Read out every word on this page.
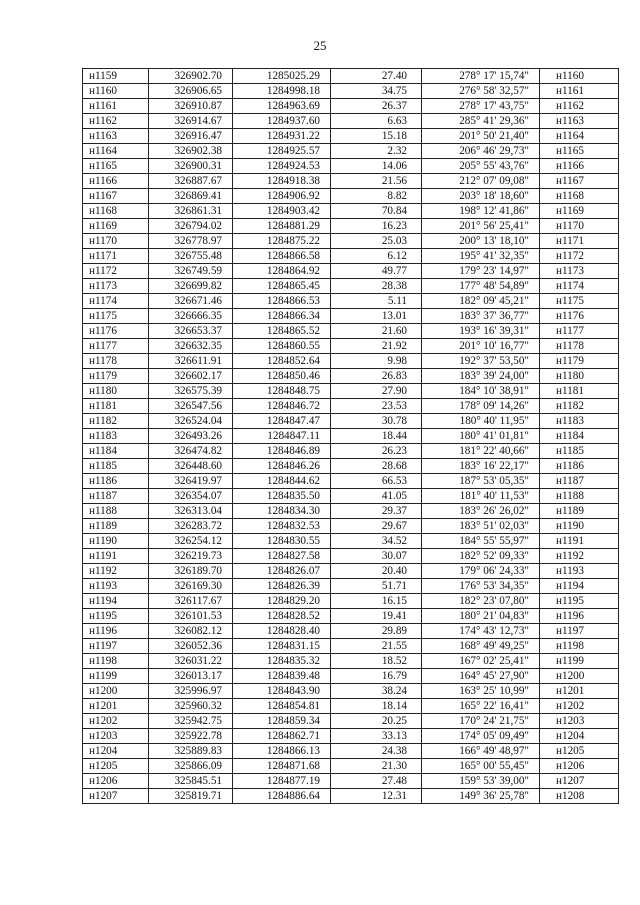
25
н1159	326902.70	1285025.29	27.40	278° 17' 15,74"	н1160
н1160	326906.65	1284998.18	34.75	276° 58' 32,57"	н1161
н1161	326910.87	1284963.69	26.37	278° 17' 43,75"	н1162
н1162	326914.67	1284937.60	6.63	285° 41' 29,36"	н1163
н1163	326916.47	1284931.22	15.18	201° 50' 21,40"	н1164
н1164	326902.38	1284925.57	2.32	206° 46' 29,73"	н1165
н1165	326900.31	1284924.53	14.06	205° 55' 43,76"	н1166
н1166	326887.67	1284918.38	21.56	212° 07' 09,08"	н1167
н1167	326869.41	1284906.92	8.82	203° 18' 18,60"	н1168
н1168	326861.31	1284903.42	70.84	198° 12' 41,86"	н1169
н1169	326794.02	1284881.29	16.23	201° 56' 25,41"	н1170
н1170	326778.97	1284875.22	25.03	200° 13' 18,10"	н1171
н1171	326755.48	1284866.58	6.12	195° 41' 32,35"	н1172
н1172	326749.59	1284864.92	49.77	179° 23' 14,97"	н1173
н1173	326699.82	1284865.45	28.38	177° 48' 54,89"	н1174
н1174	326671.46	1284866.53	5.11	182° 09' 45,21"	н1175
н1175	326666.35	1284866.34	13.01	183° 37' 36,77"	н1176
н1176	326653.37	1284865.52	21.60	193° 16' 39,31"	н1177
н1177	326632.35	1284860.55	21.92	201° 10' 16,77"	н1178
н1178	326611.91	1284852.64	9.98	192° 37' 53,50"	н1179
н1179	326602.17	1284850.46	26.83	183° 39' 24,00"	н1180
н1180	326575.39	1284848.75	27.90	184° 10' 38,91"	н1181
н1181	326547.56	1284846.72	23.53	178° 09' 14,26"	н1182
н1182	326524.04	1284847.47	30.78	180° 40' 11,95"	н1183
н1183	326493.26	1284847.11	18.44	180° 41' 01,81"	н1184
н1184	326474.82	1284846.89	26.23	181° 22' 40,66"	н1185
н1185	326448.60	1284846.26	28.68	183° 16' 22,17"	н1186
н1186	326419.97	1284844.62	66.53	187° 53' 05,35"	н1187
н1187	326354.07	1284835.50	41.05	181° 40' 11,53"	н1188
н1188	326313.04	1284834.30	29.37	183° 26' 26,02"	н1189
н1189	326283.72	1284832.53	29.67	183° 51' 02,03"	н1190
н1190	326254.12	1284830.55	34.52	184° 55' 55,97"	н1191
н1191	326219.73	1284827.58	30.07	182° 52' 09,33"	н1192
н1192	326189.70	1284826.07	20.40	179° 06' 24,33"	н1193
н1193	326169.30	1284826.39	51.71	176° 53' 34,35"	н1194
н1194	326117.67	1284829.20	16.15	182° 23' 07,80"	н1195
н1195	326101.53	1284828.52	19.41	180° 21' 04,83"	н1196
н1196	326082.12	1284828.40	29.89	174° 43' 12,73"	н1197
н1197	326052.36	1284831.15	21.55	168° 49' 49,25"	н1198
н1198	326031.22	1284835.32	18.52	167° 02' 25,41"	н1199
н1199	326013.17	1284839.48	16.79	164° 45' 27,90"	н1200
н1200	325996.97	1284843.90	38.24	163° 25' 10,99"	н1201
н1201	325960.32	1284854.81	18.14	165° 22' 16,41"	н1202
н1202	325942.75	1284859.34	20.25	170° 24' 21,75"	н1203
н1203	325922.78	1284862.71	33.13	174° 05' 09,49"	н1204
н1204	325889.83	1284866.13	24.38	166° 49' 48,97"	н1205
н1205	325866.09	1284871.68	21.30	165° 00' 55,45"	н1206
н1206	325845.51	1284877.19	27.48	159° 53' 39,00"	н1207
н1207	325819.71	1284886.64	12.31	149° 36' 25,78"	н1208
